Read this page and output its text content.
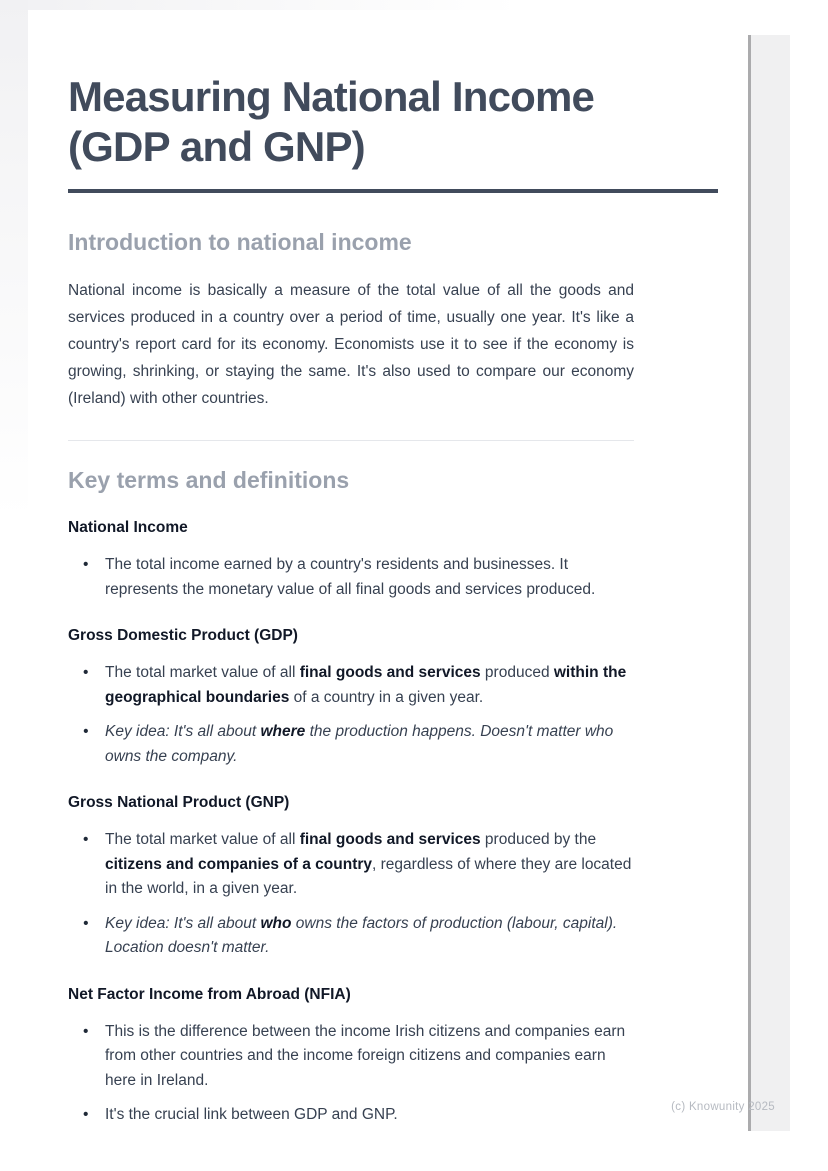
Measuring National Income (GDP and GNP)
Introduction to national income

National income is basically a measure of the total value of all the goods and services produced in a country over a period of time, usually one year. It's like a country's report card for its economy. Economists use it to see if the economy is growing, shrinking, or staying the same. It's also used to compare our economy (Ireland) with other countries.

Key terms and definitions
National Income
• The total income earned by a country's residents and businesses. It represents the monetary value of all final goods and services produced.
Gross Domestic Product (GDP)
• The total market value of all final goods and services produced within the geographical boundaries of a country in a given year.
• Key idea: It's all about where the production happens. Doesn't matter who owns the company.
Gross National Product (GNP)
• The total market value of all final goods and services produced by the citizens and companies of a country, regardless of where they are located in the world, in a given year.
• Key idea: It's all about who owns the factors of production (labour, capital). Location doesn't matter.
Net Factor Income from Abroad (NFIA)
• This is the difference between the income Irish citizens and companies earn from other countries and the income foreign citizens and companies earn here in Ireland.
• It's the crucial link between GDP and GNP.	(c) Knowunity 2025
